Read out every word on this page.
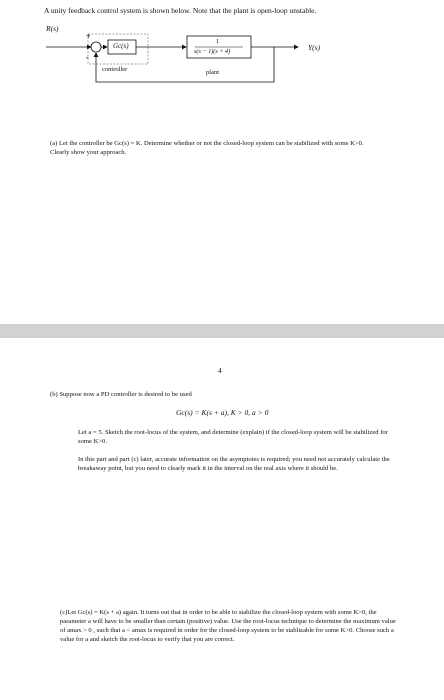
A unity feedback control system is shown below. Note that the plant is open-loop unstable.
R(s)
+
-
Gc(s)
1
s(s − 1)(s + 4)	Y(s)
controller	plant
(a) Let the controller be Gc(s) = K. Determine whether or not the closed-loop system can be stabilized with some K>0. Clearly show your approach.
4
(b) Suppose now a PD controller is desired to be used
Gc(s) = K(s + a), K > 0, a > 0
Let a = 5. Sketch the root-locus of the system, and determine (explain) if the closed-loop system will be stabilized for some K>0.
In this part and part (c) later, accurate information on the asymptotes is required; you need not accurately calculate the breakaway point, but you need to clearly mark it in the interval on the real axis where it should be.
(c)Let Gc(s) = K(s + a) again. It turns out that in order to be able to stabilize the closed-loop system with some K>0, the parameter a will have to be smaller than certain (positive) value. Use the root-locus technique to determine the maximum value of amax > 0 , such that a < amax is required in order for the closed-loop system to be stablizable for some K>0. Choose such a value for a and sketch the root-locus to verify that you are correct.
